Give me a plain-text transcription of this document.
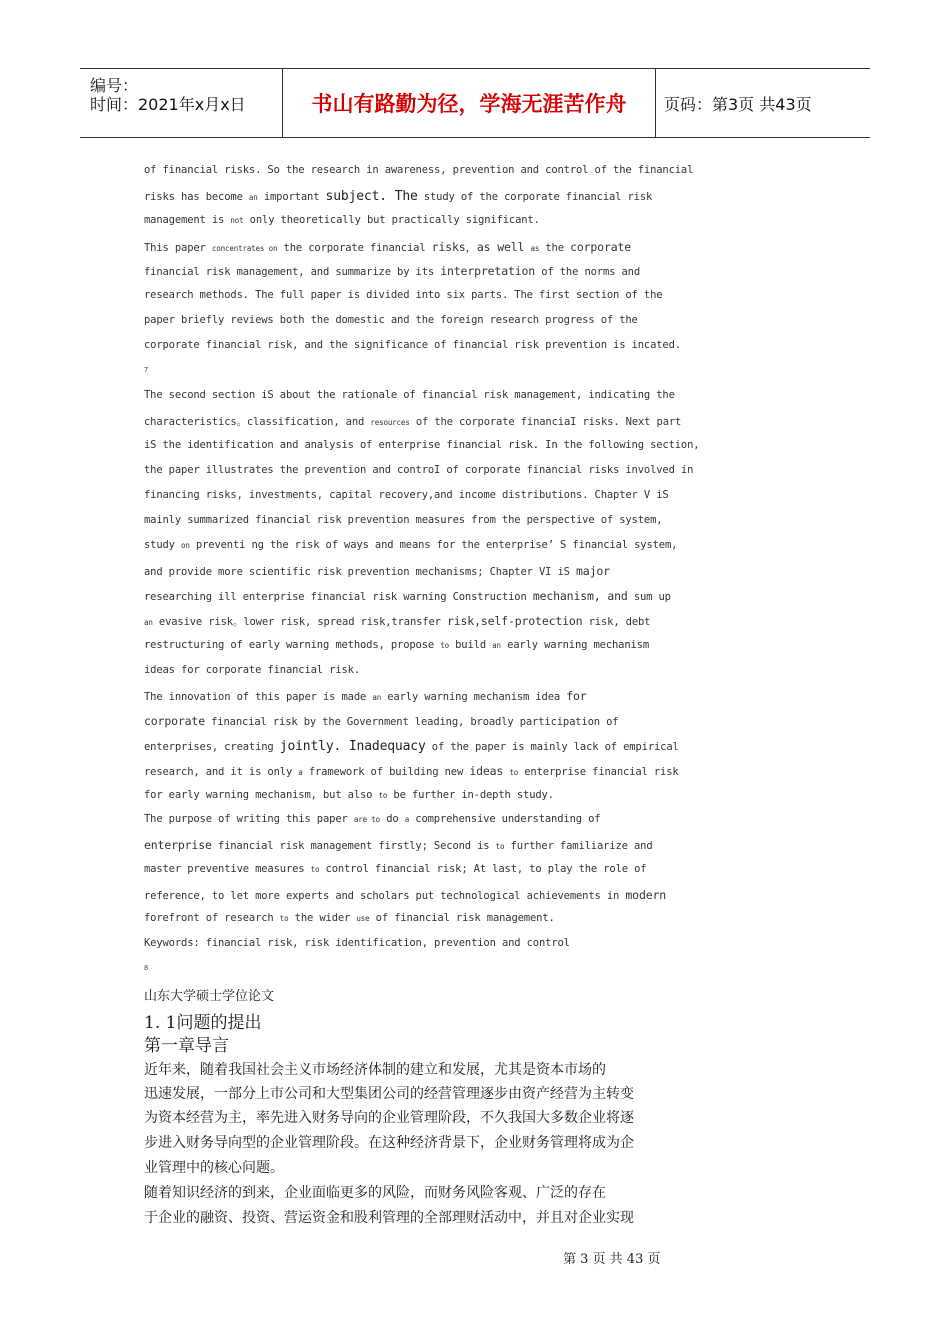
编号：
时间：2021年x月x日	书山有路勤为径，学海无涯苦作舟 页码：第3页 共43页
of financial risks. So the research in awareness, prevention and control of the financial
risks has become an important subject. The study of the corporate financial risk
management is not only theoretically but practically significant.
This paper concentrates on the corporate financial risks，as well as the corporate
financial risk management, and summarize by its interpretation of the norms and
research methods. The full paper is divided into six parts. The first section of the
paper briefly reviews both the domestic and the foreign research progress of the
corporate financial risk, and the significance of financial risk prevention is incated.
7
The second section iS about the rationale of financial risk management, indicating the
characteristics。classification, and resources of the corporate financiaI risks. Next part
iS the identification and analysis of enterprise financial risk. In the following section,
the paper illustrates the prevention and controI of corporate financial risks involved in
financing risks, investments, capital recovery,and income distributions. Chapter V iS
mainly summarized financial risk prevention measures from the perspective of system,
study on preventi ng the risk of ways and means for the enterprise’ S financial system,
and provide more scientific risk prevention mechanisms; Chapter VI iS major
researching ill enterprise financial risk warning Construction mechanism, and sum up
an evasive risk。lower risk, spread risk,transfer risk,self-protection risk, debt
restructuring of early warning methods, propose to build an early warning mechanism
ideas for corporate financial risk.
The innovation of this paper is made an early warning mechanism idea for
corporate financial risk by the Government leading, broadly participation of
enterprises, creating jointly. Inadequacy of the paper is mainly lack of empirical
research, and it is only a framework of building new ideas to enterprise financial risk
for early warning mechanism, but also to be further in-depth study.
The purpose of writing this paper are to do a comprehensive understanding of
enterprise financial risk management firstly; Second is to further familiarize and
master preventive measures to control financial risk; At last, to play the role of
reference, to let more experts and scholars put technological achievements in modern
forefront of research to the wider use of financial risk management.
Keywords: financial risk, risk identification, prevention and control
8
山东大学硕士学位论文
1. 1问题的提出
第一章导言
近年来，随着我国社会主义市场经济体制的建立和发展，尤其是资本市场的
迅速发展，一部分上市公司和大型集团公司的经营管理逐步由资产经营为主转变
为资本经营为主，率先进入财务导向的企业管理阶段，不久我国大多数企业将逐
步进入财务导向型的企业管理阶段。在这种经济背景下，企业财务管理将成为企
业管理中的核心问题。
随着知识经济的到来，企业面临更多的风险，而财务风险客观、广泛的存在
于企业的融资、投资、营运资金和股利管理的全部理财活动中，并且对企业实现
第 3 页 共 43 页
